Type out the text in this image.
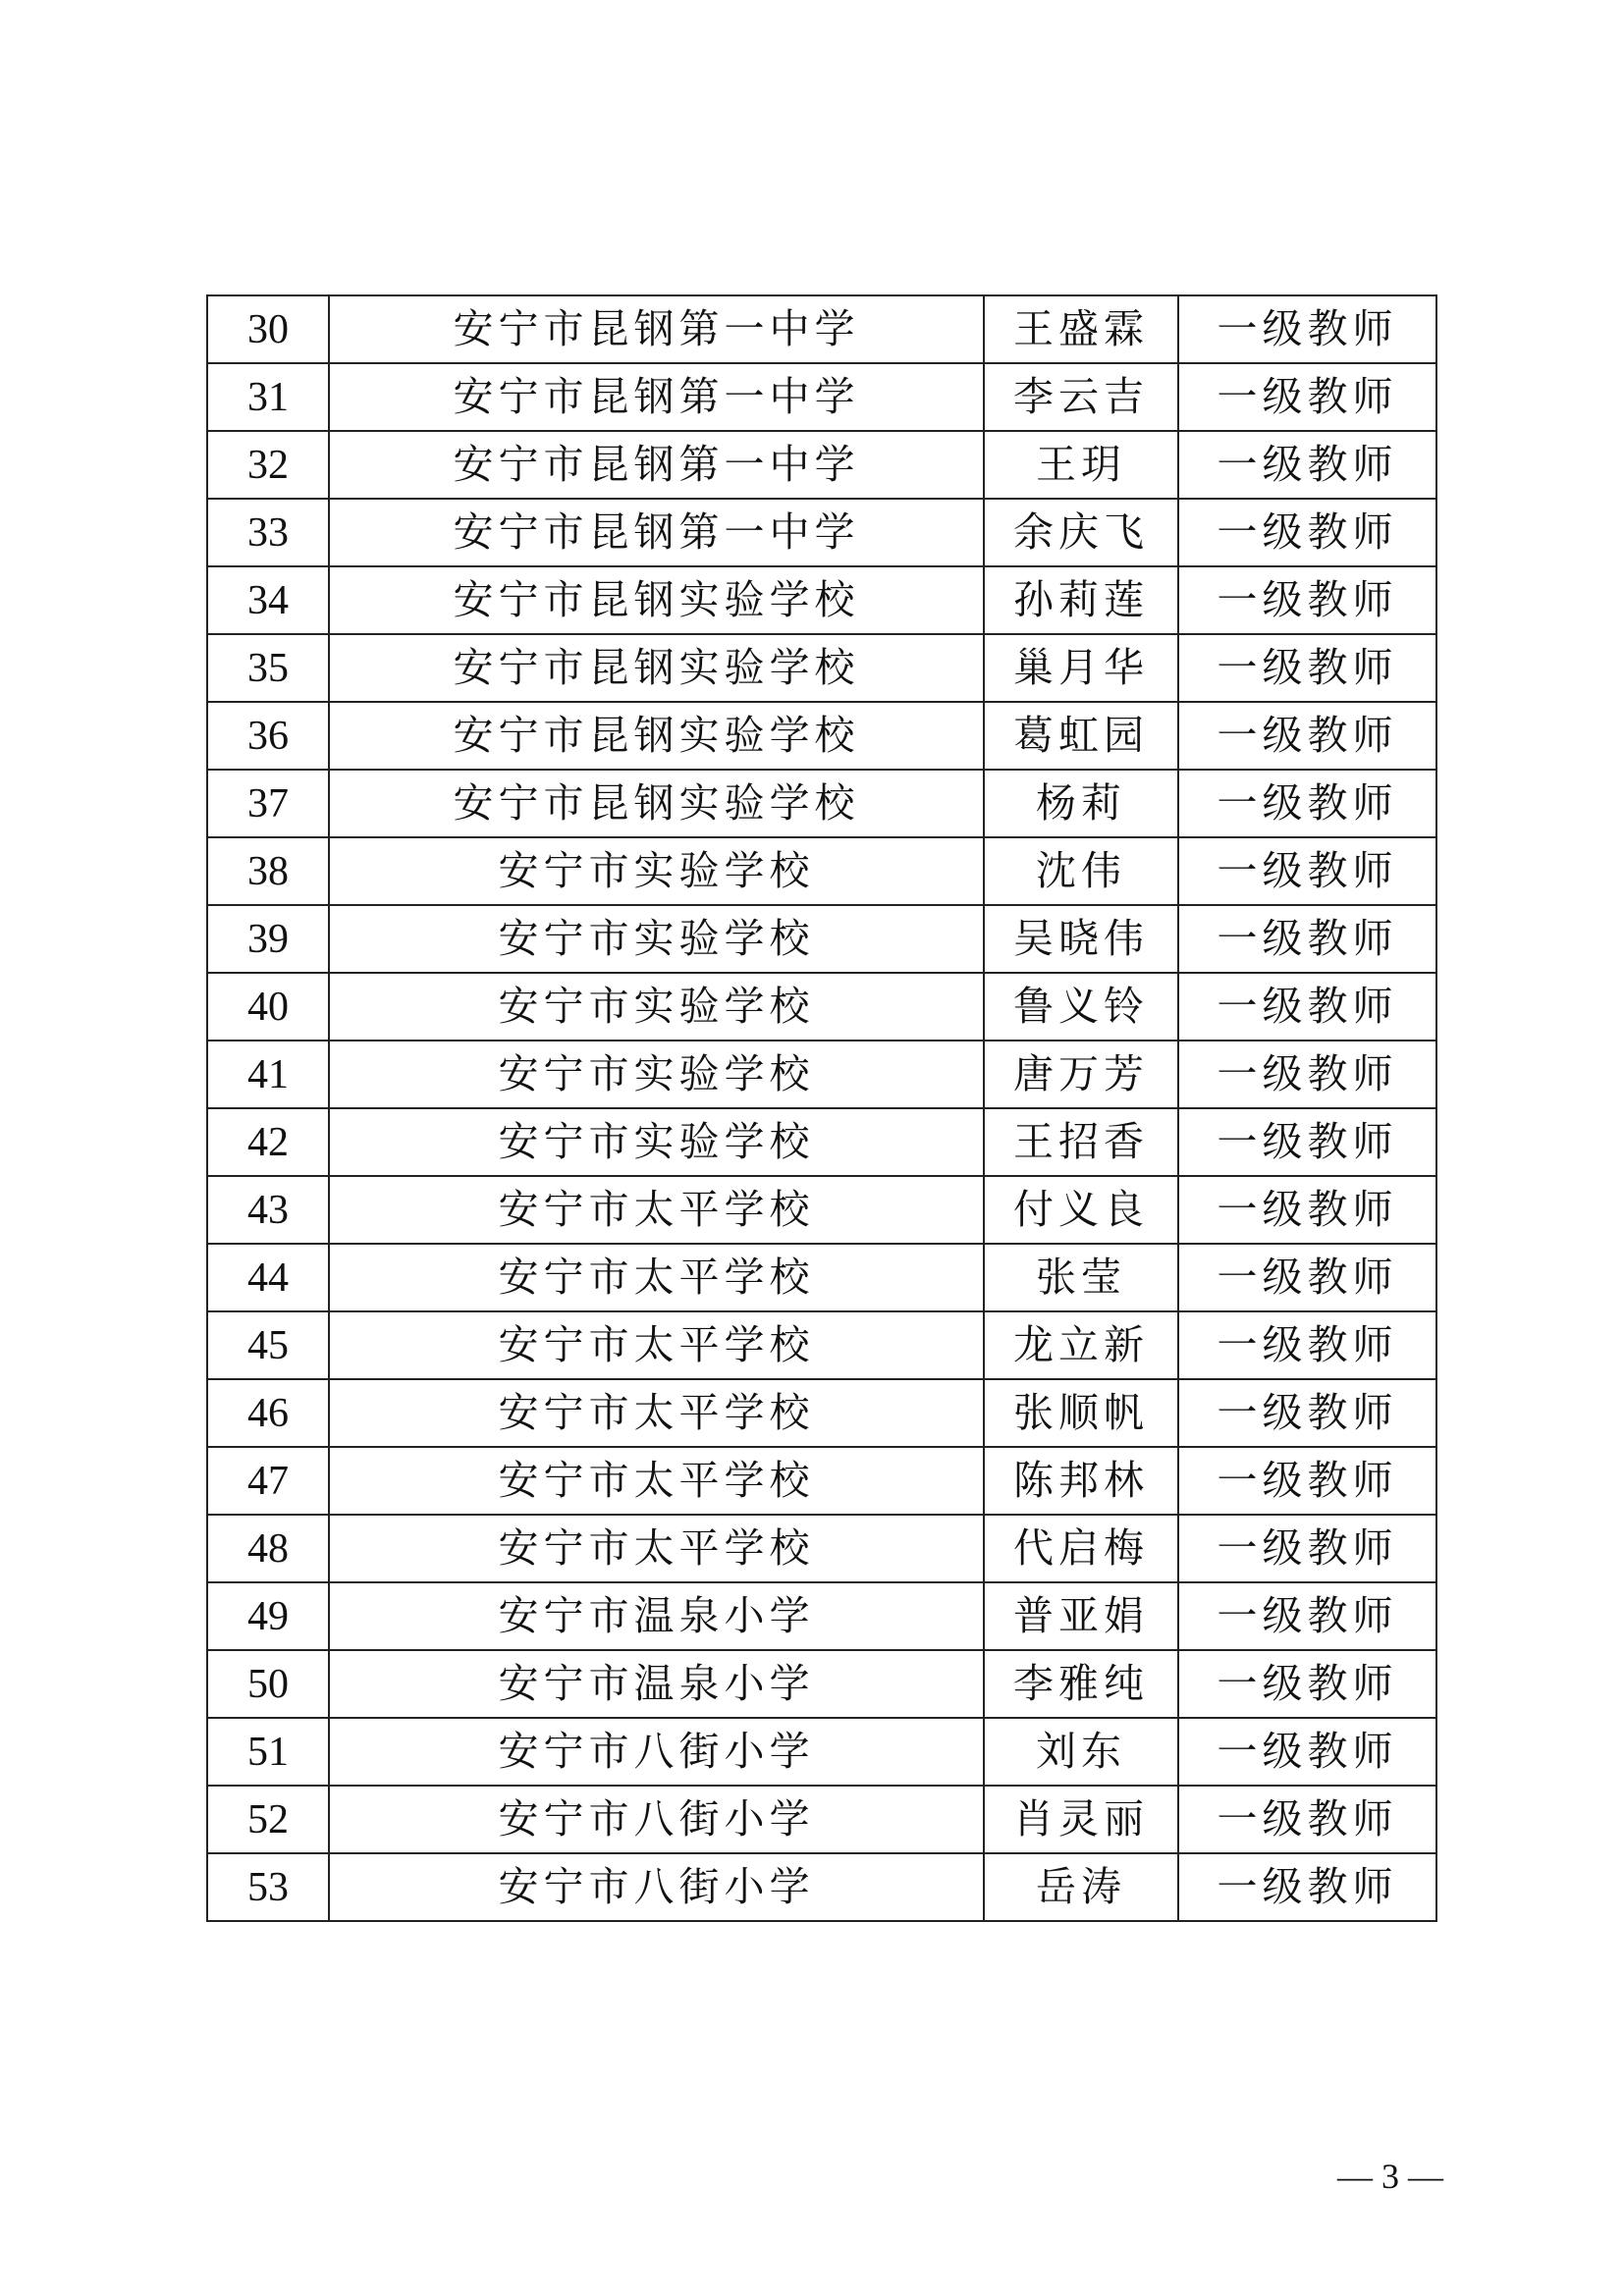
30	安宁市昆钢第一中学	王盛霖	一级教师
31	安宁市昆钢第一中学	李云吉	一级教师
32	安宁市昆钢第一中学	王玥	一级教师
33	安宁市昆钢第一中学	余庆飞	一级教师
34	安宁市昆钢实验学校	孙莉莲	一级教师
35	安宁市昆钢实验学校	巢月华	一级教师
36	安宁市昆钢实验学校	葛虹园	一级教师
37	安宁市昆钢实验学校	杨莉	一级教师
38	安宁市实验学校	沈伟	一级教师
39	安宁市实验学校	吴晓伟	一级教师
40	安宁市实验学校	鲁义铃	一级教师
41	安宁市实验学校	唐万芳	一级教师
42	安宁市实验学校	王招香	一级教师
43	安宁市太平学校	付义良	一级教师
44	安宁市太平学校	张莹	一级教师
45	安宁市太平学校	龙立新	一级教师
46	安宁市太平学校	张顺帆	一级教师
47	安宁市太平学校	陈邦林	一级教师
48	安宁市太平学校	代启梅	一级教师
49	安宁市温泉小学	普亚娟	一级教师
50	安宁市温泉小学	李雅纯	一级教师
51	安宁市八街小学	刘东	一级教师
52	安宁市八街小学	肖灵丽	一级教师
53	安宁市八街小学	岳涛	一级教师
— 3 —
